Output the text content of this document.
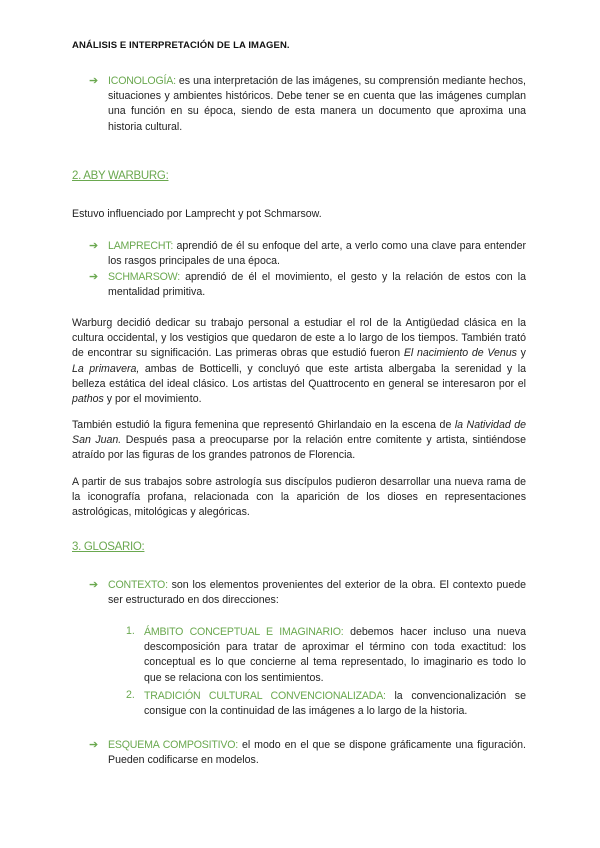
ANÁLISIS E INTERPRETACIÓN DE LA IMAGEN.
➔ ICONOLOGÍA: es una interpretación de las imágenes, su comprensión mediante hechos, situaciones y ambientes históricos. Debe tener se en cuenta que las imágenes cumplan una función en su época, siendo de esta manera un documento que aproxima una historia cultural.
2. ABY WARBURG:
Estuvo influenciado por Lamprecht y pot Schmarsow.
➔ LAMPRECHT: aprendió de él su enfoque del arte, a verlo como una clave para entender los rasgos principales de una época.
➔ SCHMARSOW: aprendió de él el movimiento, el gesto y la relación de estos con la mentalidad primitiva.
Warburg decidió dedicar su trabajo personal a estudiar el rol de la Antigüedad clásica en la cultura occidental, y los vestigios que quedaron de este a lo largo de los tiempos. También trató de encontrar su significación. Las primeras obras que estudió fueron El nacimiento de Venus y La primavera, ambas de Botticelli, y concluyó que este artista albergaba la serenidad y la belleza estática del ideal clásico. Los artistas del Quattrocento en general se interesaron por el pathos y por el movimiento.
También estudió la figura femenina que representó Ghirlandaio en la escena de la Natividad de San Juan. Después pasa a preocuparse por la relación entre comitente y artista, sintiéndose atraído por las figuras de los grandes patronos de Florencia.
A partir de sus trabajos sobre astrología sus discípulos pudieron desarrollar una nueva rama de la iconografía profana, relacionada con la aparición de los dioses en representaciones astrológicas, mitológicas y alegóricas.
3. GLOSARIO:
➔ CONTEXTO: son los elementos provenientes del exterior de la obra. El contexto puede ser estructurado en dos direcciones:
1. ÁMBITO CONCEPTUAL E IMAGINARIO: debemos hacer incluso una nueva descomposición para tratar de aproximar el término con toda exactitud: los conceptual es lo que concierne al tema representado, lo imaginario es todo lo que se relaciona con los sentimientos.
2. TRADICIÓN CULTURAL CONVENCIONALIZADA: la convencionalización se consigue con la continuidad de las imágenes a lo largo de la historia.
➔ ESQUEMA COMPOSITIVO: el modo en el que se dispone gráficamente una figuración. Pueden codificarse en modelos.
